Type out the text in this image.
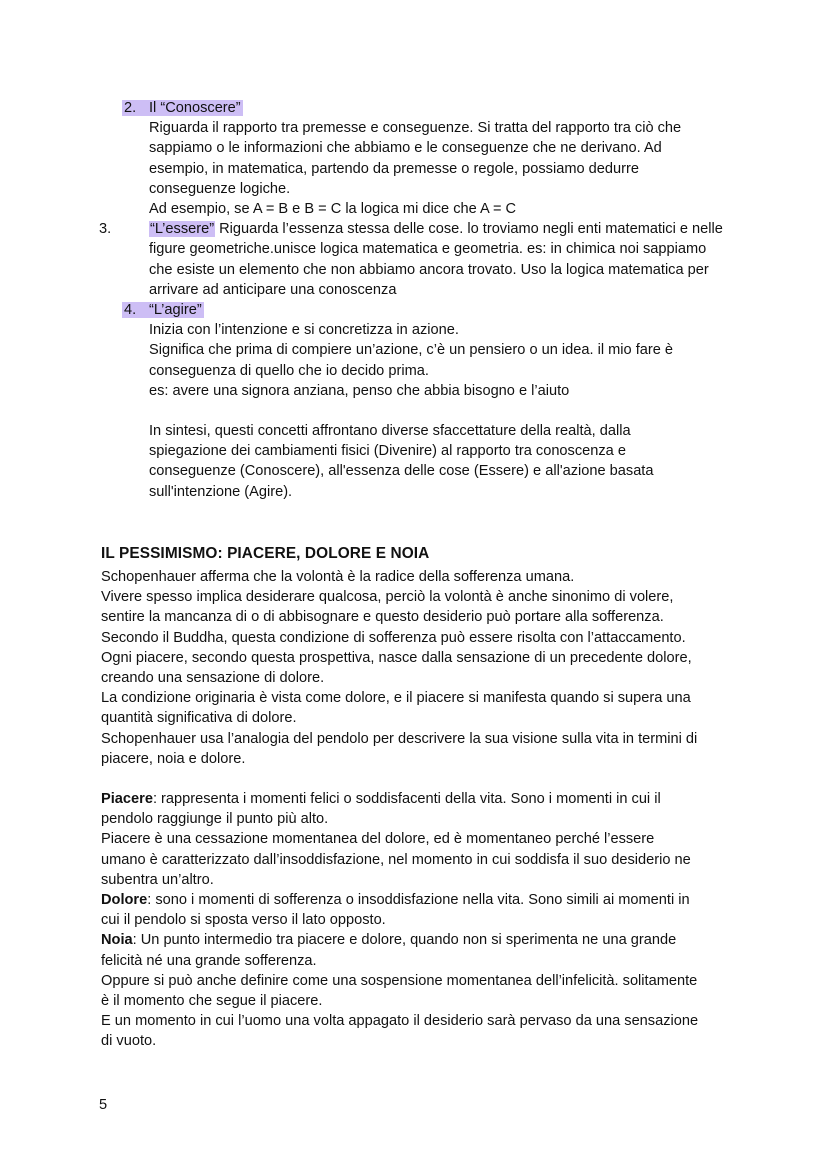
2. Il “Conoscere”
Riguarda il rapporto tra premesse e conseguenze. Si tratta del rapporto tra ciò che
sappiamo o le informazioni che abbiamo e le conseguenze che ne derivano. Ad
esempio, in matematica, partendo da premesse o regole, possiamo dedurre
conseguenze logiche.
Ad esempio, se A = B e B = C la logica mi dice che A = C
3.	“L’essere” Riguarda l’essenza stessa delle cose. lo troviamo negli enti matematici e nelle figure geometriche.unisce logica matematica e geometria. es: in chimica noi sappiamo che esiste un elemento che non abbiamo ancora trovato. Uso la logica matematica per arrivare ad anticipare una conoscenza
4. “L’agire”
Inizia con l’intenzione e si concretizza in azione.
Significa che prima di compiere un’azione, c’è un pensiero o un idea. il mio fare è
conseguenza di quello che io decido prima.
es: avere una signora anziana, penso che abbia bisogno e l’aiuto
In sintesi, questi concetti affrontano diverse sfaccettature della realtà, dalla
spiegazione dei cambiamenti fisici (Divenire) al rapporto tra conoscenza e
conseguenze (Conoscere), all'essenza delle cose (Essere) e all'azione basata
sull'intenzione (Agire).
IL PESSIMISMO: PIACERE, DOLORE E NOIA

Schopenhauer afferma che la volontà è la radice della sofferenza umana.

Vivere spesso implica desiderare qualcosa, perciò la volontà è anche sinonimo di volere,

sentire la mancanza di o di abbisognare e questo desiderio può portare alla sofferenza.

Secondo il Buddha, questa condizione di sofferenza può essere risolta con l’attaccamento.

Ogni piacere, secondo questa prospettiva, nasce dalla sensazione di un precedente dolore,

creando una sensazione di dolore.

La condizione originaria è vista come dolore, e il piacere si manifesta quando si supera una

quantità significativa di dolore.

Schopenhauer usa l’analogia del pendolo per descrivere la sua visione sulla vita in termini di

piacere, noia e dolore.

Piacere: rappresenta i momenti felici o soddisfacenti della vita. Sono i momenti in cui il

pendolo raggiunge il punto più alto.

Piacere è una cessazione momentanea del dolore, ed è momentaneo perché l’essere

umano è caratterizzato dall’insoddisfazione, nel momento in cui soddisfa il suo desiderio ne

subentra un’altro.

Dolore: sono i momenti di sofferenza o insoddisfazione nella vita. Sono simili ai momenti in

cui il pendolo si sposta verso il lato opposto.

Noia: Un punto intermedio tra piacere e dolore, quando non si sperimenta ne una grande

felicità né una grande sofferenza.

Oppure si può anche definire come una sospensione momentanea dell’infelicità. solitamente

è il momento che segue il piacere.

E un momento in cui l’uomo una volta appagato il desiderio sarà pervaso da una sensazione

di vuoto.

5
